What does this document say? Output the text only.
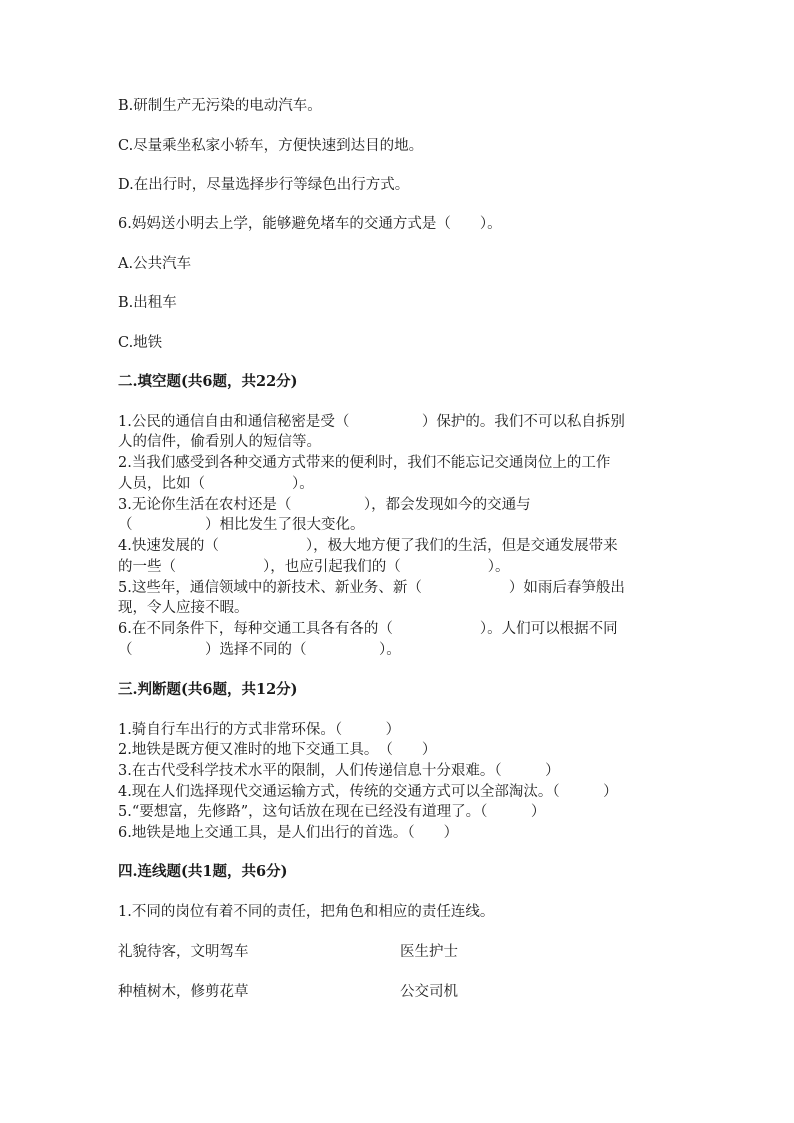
B.研制生产无污染的电动汽车。
C.尽量乘坐私家小轿车，方便快速到达目的地。
D.在出行时，尽量选择步行等绿色出行方式。
6.妈妈送小明去上学，能够避免堵车的交通方式是（　　）。
A.公共汽车
B.出租车
C.地铁
二.填空题(共6题，共22分)
1.公民的通信自由和通信秘密是受（　　　　　）保护的。我们不可以私自拆别
人的信件，偷看别人的短信等。
2.当我们感受到各种交通方式带来的便利时，我们不能忘记交通岗位上的工作
人员，比如（　　　　　　）。
3.无论你生活在农村还是（　　　　　），都会发现如今的交通与
（　　　　　）相比发生了很大变化。
4.快速发展的（　　　　　　），极大地方便了我们的生活，但是交通发展带来
的一些（　　　　　　），也应引起我们的（　　　　　　）。
5.这些年，通信领域中的新技术、新业务、新（　　　　　　）如雨后春笋般出
现，令人应接不暇。
6.在不同条件下，每种交通工具各有各的（　　　　　　）。人们可以根据不同
（　　　　　）选择不同的（　　　　　）。
三.判断题(共6题，共12分)
1.骑自行车出行的方式非常环保。（　　　）
2.地铁是既方便又准时的地下交通工具。　（　　）
3.在古代受科学技术水平的限制，人们传递信息十分艰难。（　　　）
4.现在人们选择现代交通运输方式，传统的交通方式可以全部淘汰。（　　　）
5.“要想富，先修路”，这句话放在现在已经没有道理了。（　　　）
6.地铁是地上交通工具，是人们出行的首选。（　　）
四.连线题(共1题，共6分)
1.不同的岗位有着不同的责任，把角色和相应的责任连线。
礼貌待客，文明驾车	医生护士
种植树木，修剪花草	公交司机
